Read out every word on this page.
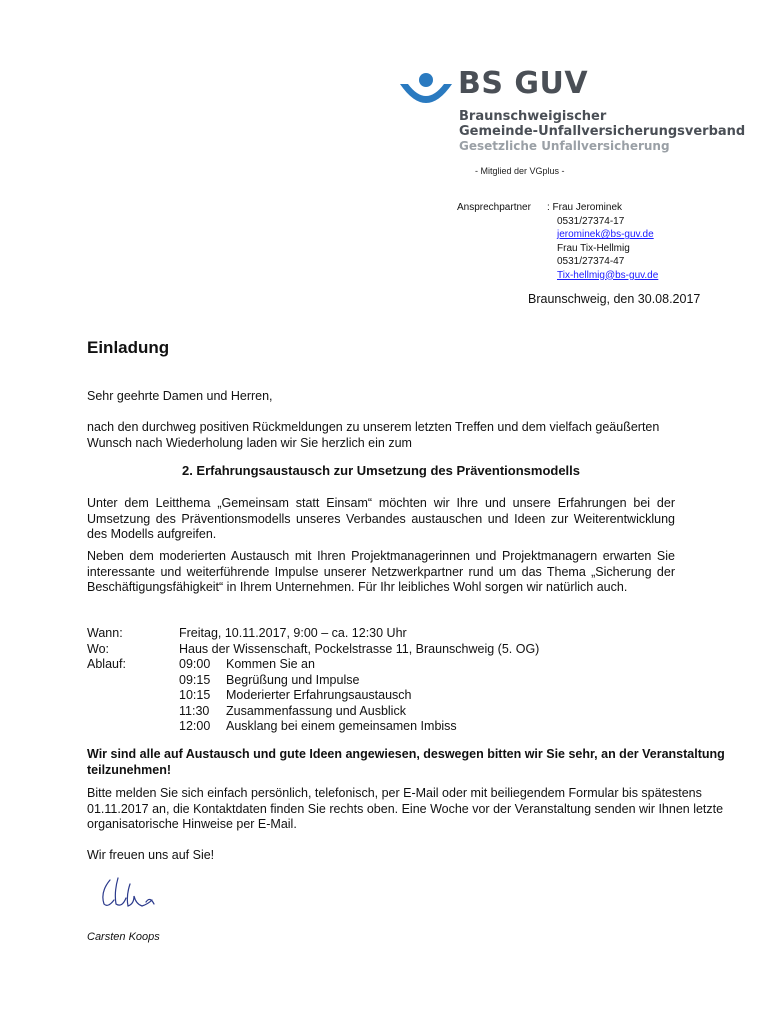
BS GUV
Braunschweigischer
Gemeinde-Unfallversicherungsverband
Gesetzliche Unfallversicherung
- Mitglied der VGplus -
Ansprechpartner : Frau Jerominek
0531/27374-17
jerominek@bs-guv.de
Frau Tix-Hellmig
0531/27374-47
Tix-hellmig@bs-guv.de
Braunschweig, den 30.08.2017
Einladung
Sehr geehrte Damen und Herren,
nach den durchweg positiven Rückmeldungen zu unserem letzten Treffen und dem vielfach geäußerten Wunsch nach Wiederholung laden wir Sie herzlich ein zum
2. Erfahrungsaustausch zur Umsetzung des Präventionsmodells
Unter dem Leitthema „Gemeinsam statt Einsam“ möchten wir Ihre und unsere Erfahrungen bei der Umsetzung des Präventionsmodells unseres Verbandes austauschen und Ideen zur Weiterentwicklung des Modells aufgreifen.
Neben dem moderierten Austausch mit Ihren Projektmanagerinnen und Projektmanagern erwarten Sie interessante und weiterführende Impulse unserer Netzwerkpartner rund um das Thema „Sicherung der Beschäftigungsfähigkeit“ in Ihrem Unternehmen. Für Ihr leibliches Wohl sorgen wir natürlich auch.
Wann:	Freitag, 10.11.2017, 9:00 – ca. 12:30 Uhr
Wo:	Haus der Wissenschaft, Pockelstrasse 11, Braunschweig (5. OG)
Ablauf:	09:00	Kommen Sie an
09:15	Begrüßung und Impulse
10:15	Moderierter Erfahrungsaustausch
11:30	Zusammenfassung und Ausblick
12:00	Ausklang bei einem gemeinsamen Imbiss
Wir sind alle auf Austausch und gute Ideen angewiesen, deswegen bitten wir Sie sehr, an der Veranstaltung teilzunehmen!
Bitte melden Sie sich einfach persönlich, telefonisch, per E-Mail oder mit beiliegendem Formular bis spätestens 01.11.2017 an, die Kontaktdaten finden Sie rechts oben. Eine Woche vor der Veranstaltung senden wir Ihnen letzte organisatorische Hinweise per E-Mail.
Wir freuen uns auf Sie!
Carsten Koops
